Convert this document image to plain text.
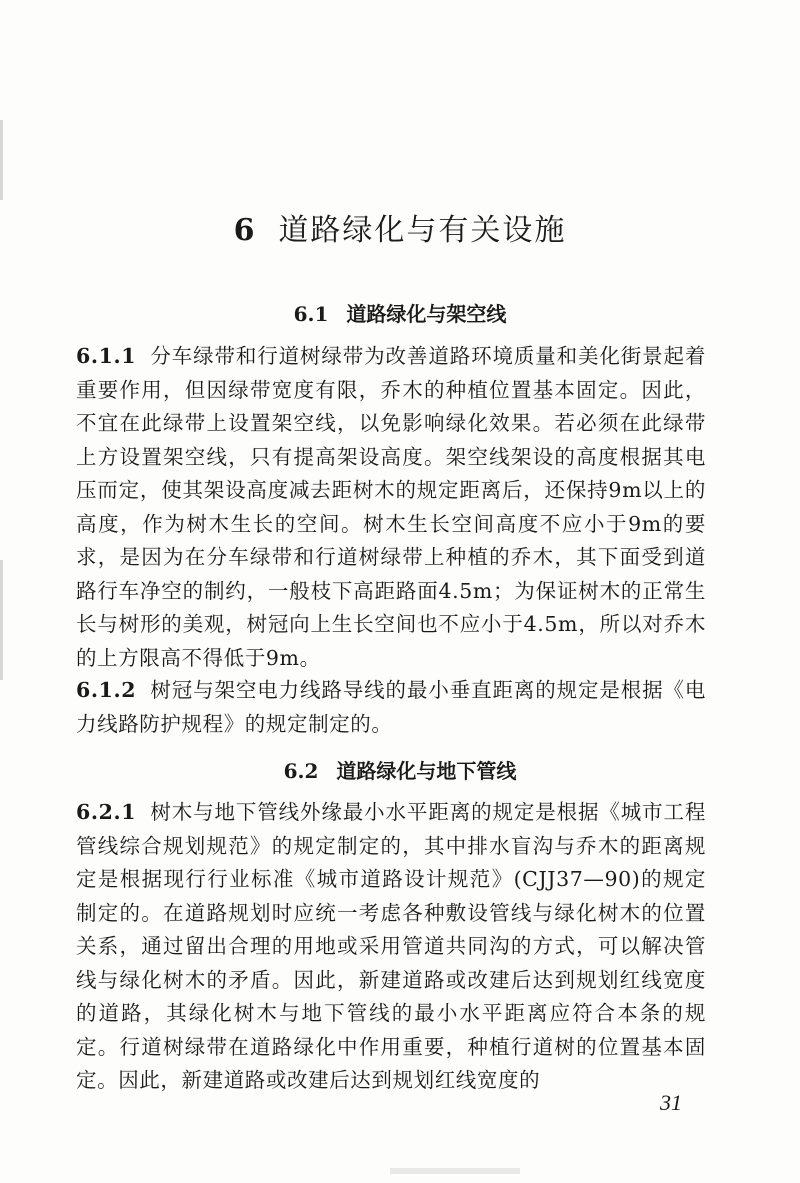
6 道路绿化与有关设施
6.1 道路绿化与架空线
6.1.1 分车绿带和行道树绿带为改善道路环境质量和美化街景起着重要作用，但因绿带宽度有限，乔木的种植位置基本固定。因此，不宜在此绿带上设置架空线，以免影响绿化效果。若必须在此绿带上方设置架空线，只有提高架设高度。架空线架设的高度根据其电压而定，使其架设高度减去距树木的规定距离后，还保持9m以上的高度，作为树木生长的空间。树木生长空间高度不应小于9m的要求，是因为在分车绿带和行道树绿带上种植的乔木，其下面受到道路行车净空的制约，一般枝下高距路面4.5m；为保证树木的正常生长与树形的美观，树冠向上生长空间也不应小于4.5m，所以对乔木的上方限高不得低于9m。
6.1.2 树冠与架空电力线路导线的最小垂直距离的规定是根据《电力线路防护规程》的规定制定的。
6.2 道路绿化与地下管线
6.2.1 树木与地下管线外缘最小水平距离的规定是根据《城市工程管线综合规划规范》的规定制定的，其中排水盲沟与乔木的距离规定是根据现行行业标准《城市道路设计规范》(CJJ37—90)的规定制定的。在道路规划时应统一考虑各种敷设管线与绿化树木的位置关系，通过留出合理的用地或采用管道共同沟的方式，可以解决管线与绿化树木的矛盾。因此，新建道路或改建后达到规划红线宽度的道路，其绿化树木与地下管线的最小水平距离应符合本条的规定。行道树绿带在道路绿化中作用重要，种植行道树的位置基本固定。因此，新建道路或改建后达到规划红线宽度的
31
